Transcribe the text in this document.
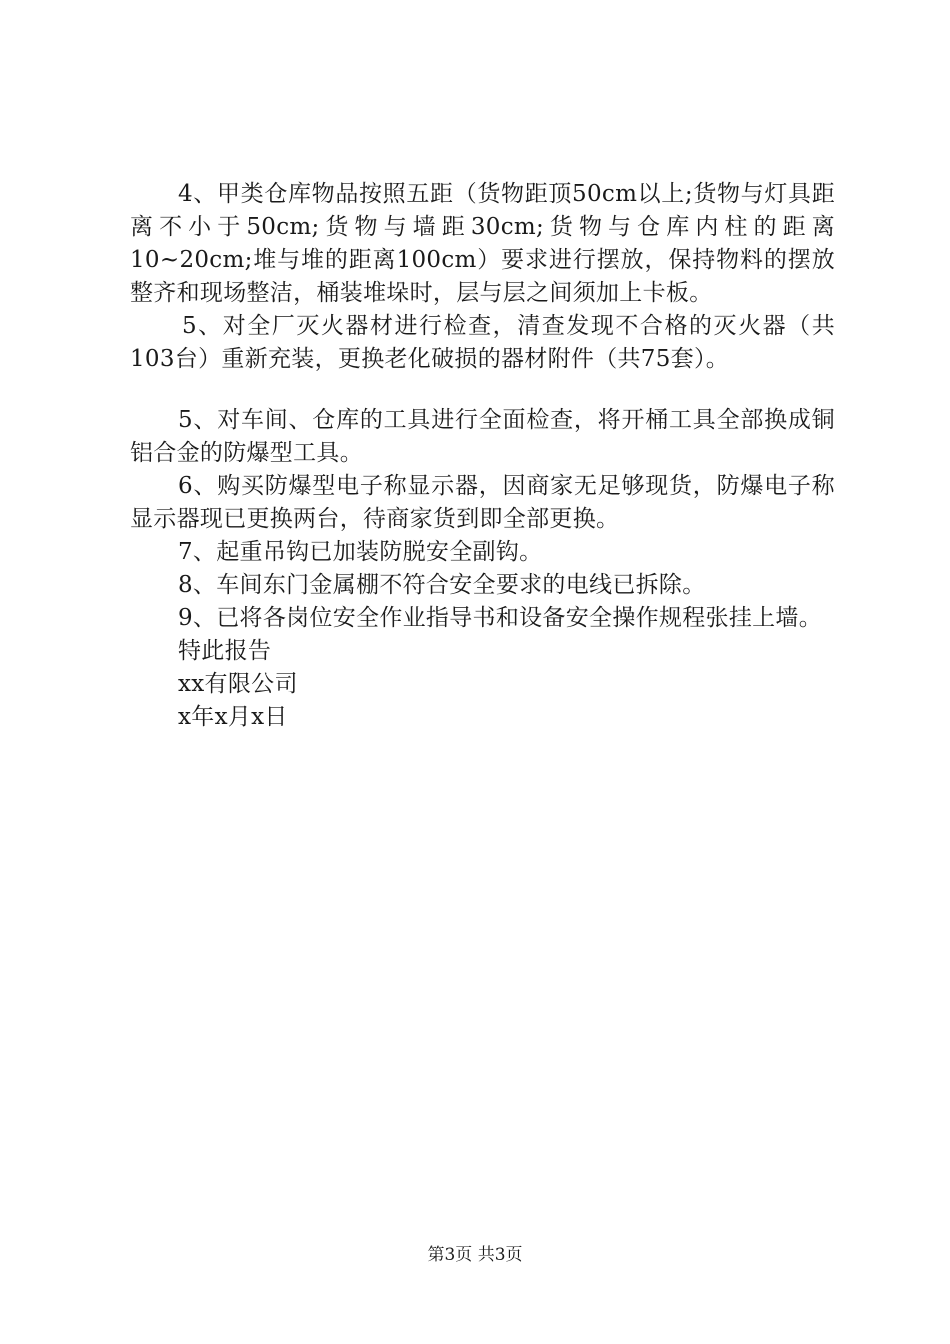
4、甲类仓库物品按照五距（货物距顶50cm以上;货物与灯具距离不小于50cm;货物与墙距30cm;货物与仓库内柱的距离10~20cm;堆与堆的距离100cm）要求进行摆放，保持物料的摆放整齐和现场整洁，桶装堆垛时，层与层之间须加上卡板。

5、对全厂灭火器材进行检查，清查发现不合格的灭火器（共103台）重新充装，更换老化破损的器材附件（共75套）。

5、对车间、仓库的工具进行全面检查，将开桶工具全部换成铜铝合金的防爆型工具。

6、购买防爆型电子称显示器，因商家无足够现货，防爆电子称显示器现已更换两台，待商家货到即全部更换。

7、起重吊钩已加装防脱安全副钩。

8、车间东门金属棚不符合安全要求的电线已拆除。

9、已将各岗位安全作业指导书和设备安全操作规程张挂上墙。

特此报告

xx有限公司

x年x月x日

第3页 共3页
